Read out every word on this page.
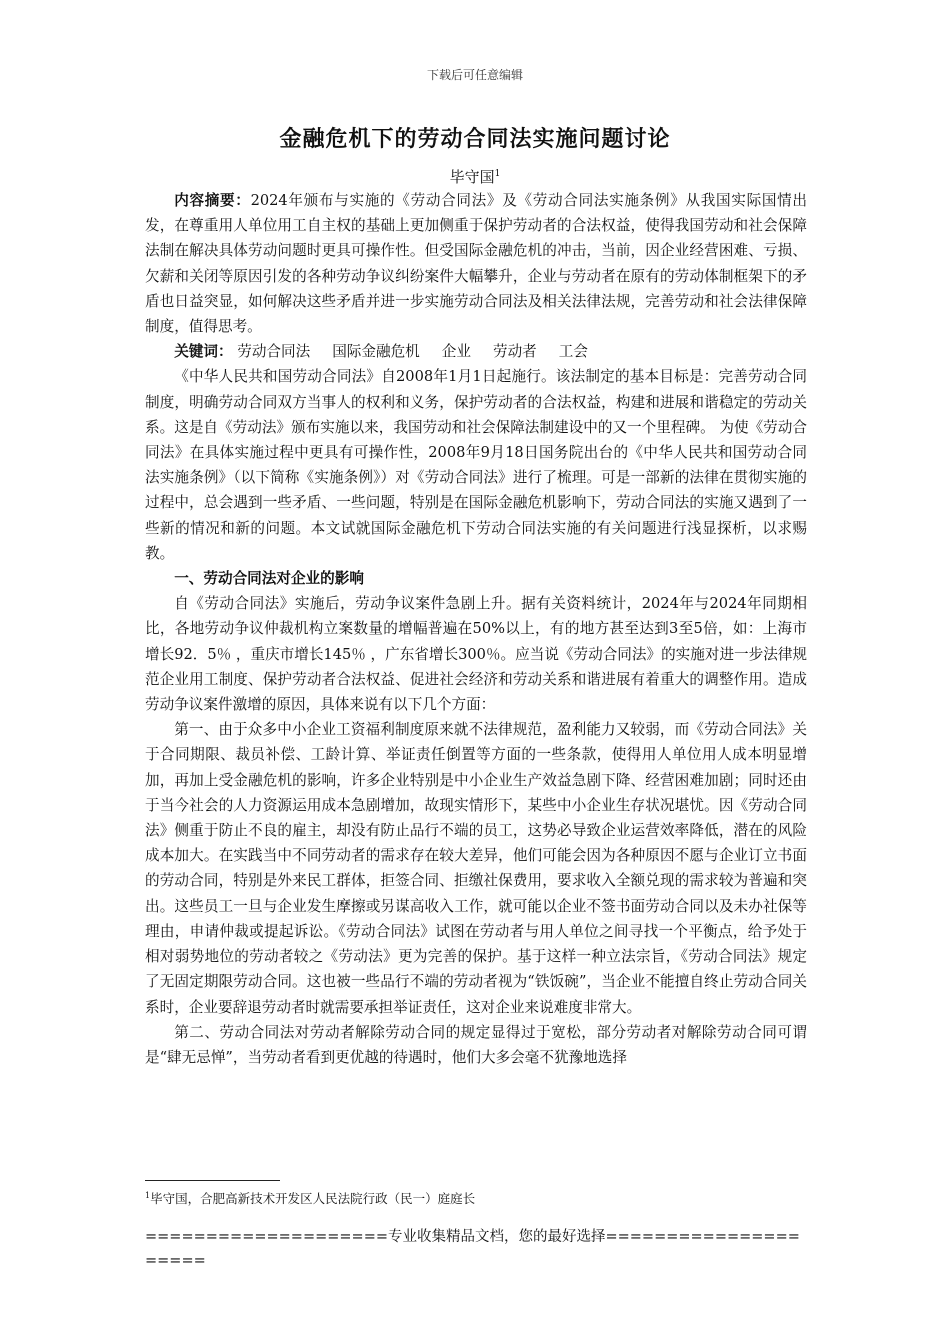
下载后可任意编辑
金融危机下的劳动合同法实施问题讨论
毕守国$^1$

内容摘要：2024年颁布与实施的《劳动合同法》及《劳动合同法实施条例》从我国实际国情出发，在尊重用人单位用工自主权的基础上更加侧重于保护劳动者的合法权益，使得我国劳动和社会保障法制在解决具体劳动问题时更具可操作性。但受国际金融危机的冲击，当前，因企业经营困难、亏损、欠薪和关闭等原因引发的各种劳动争议纠纷案件大幅攀升，企业与劳动者在原有的劳动体制框架下的矛盾也日益突显，如何解决这些矛盾并进一步实施劳动合同法及相关法律法规，完善劳动和社会法律保障制度，值得思考。

关键词： 劳动合同法 国际金融危机 企业 劳动者 工会

《中华人民共和国劳动合同法》自2008年1月1日起施行。该法制定的基本目标是：完善劳动合同制度，明确劳动合同双方当事人的权利和义务，保护劳动者的合法权益，构建和进展和谐稳定的劳动关系。这是自《劳动法》颁布实施以来，我国劳动和社会保障法制建设中的又一个里程碑。 为使《劳动合同法》在具体实施过程中更具有可操作性，2008年9月18日国务院出台的《中华人民共和国劳动合同法实施条例》（以下简称《实施条例》）对《劳动合同法》进行了梳理。可是一部新的法律在贯彻实施的过程中，总会遇到一些矛盾、一些问题，特别是在国际金融危机影响下，劳动合同法的实施又遇到了一些新的情况和新的问题。本文试就国际金融危机下劳动合同法实施的有关问题进行浅显探析，以求赐教。

一、劳动合同法对企业的影响

自《劳动合同法》实施后，劳动争议案件急剧上升。据有关资料统计，2024年与2024年同期相比，各地劳动争议仲裁机构立案数量的增幅普遍在50%以上，有的地方甚至达到3至5倍，如：上海市增长92．5％ ，重庆市增长145％ ，广东省增长300％。应当说《劳动合同法》的实施对进一步法律规范企业用工制度、保护劳动者合法权益、促进社会经济和劳动关系和谐进展有着重大的调整作用。造成劳动争议案件激增的原因，具体来说有以下几个方面：

第一、由于众多中小企业工资福利制度原来就不法律规范，盈利能力又较弱，而《劳动合同法》关于合同期限、裁员补偿、工龄计算、举证责任倒置等方面的一些条款，使得用人单位用人成本明显增加，再加上受金融危机的影响，许多企业特别是中小企业生产效益急剧下降、经营困难加剧；同时还由于当今社会的人力资源运用成本急剧增加，故现实情形下，某些中小企业生存状况堪忧。因《劳动合同法》侧重于防止不良的雇主，却没有防止品行不端的员工，这势必导致企业运营效率降低，潜在的风险成本加大。在实践当中不同劳动者的需求存在较大差异，他们可能会因为各种原因不愿与企业订立书面的劳动合同，特别是外来民工群体，拒签合同、拒缴社保费用，要求收入全额兑现的需求较为普遍和突出。这些员工一旦与企业发生摩擦或另谋高收入工作，就可能以企业不签书面劳动合同以及未办社保等理由，申请仲裁或提起诉讼。《劳动合同法》试图在劳动者与用人单位之间寻找一个平衡点，给予处于相对弱势地位的劳动者较之《劳动法》更为完善的保护。基于这样一种立法宗旨，《劳动合同法》规定了无固定期限劳动合同。这也被一些品行不端的劳动者视为“铁饭碗”，当企业不能擅自终止劳动合同关系时，企业要辞退劳动者时就需要承担举证责任，这对企业来说难度非常大。

第二、劳动合同法对劳动者解除劳动合同的规定显得过于宽松，部分劳动者对解除劳动合同可谓是“肆无忌惮”，当劳动者看到更优越的待遇时，他们大多会毫不犹豫地选择

$^1$毕守国，合肥高新技术开发区人民法院行政（民一）庭庭长
====================专业收集精品文档，您的最好选择=====================
